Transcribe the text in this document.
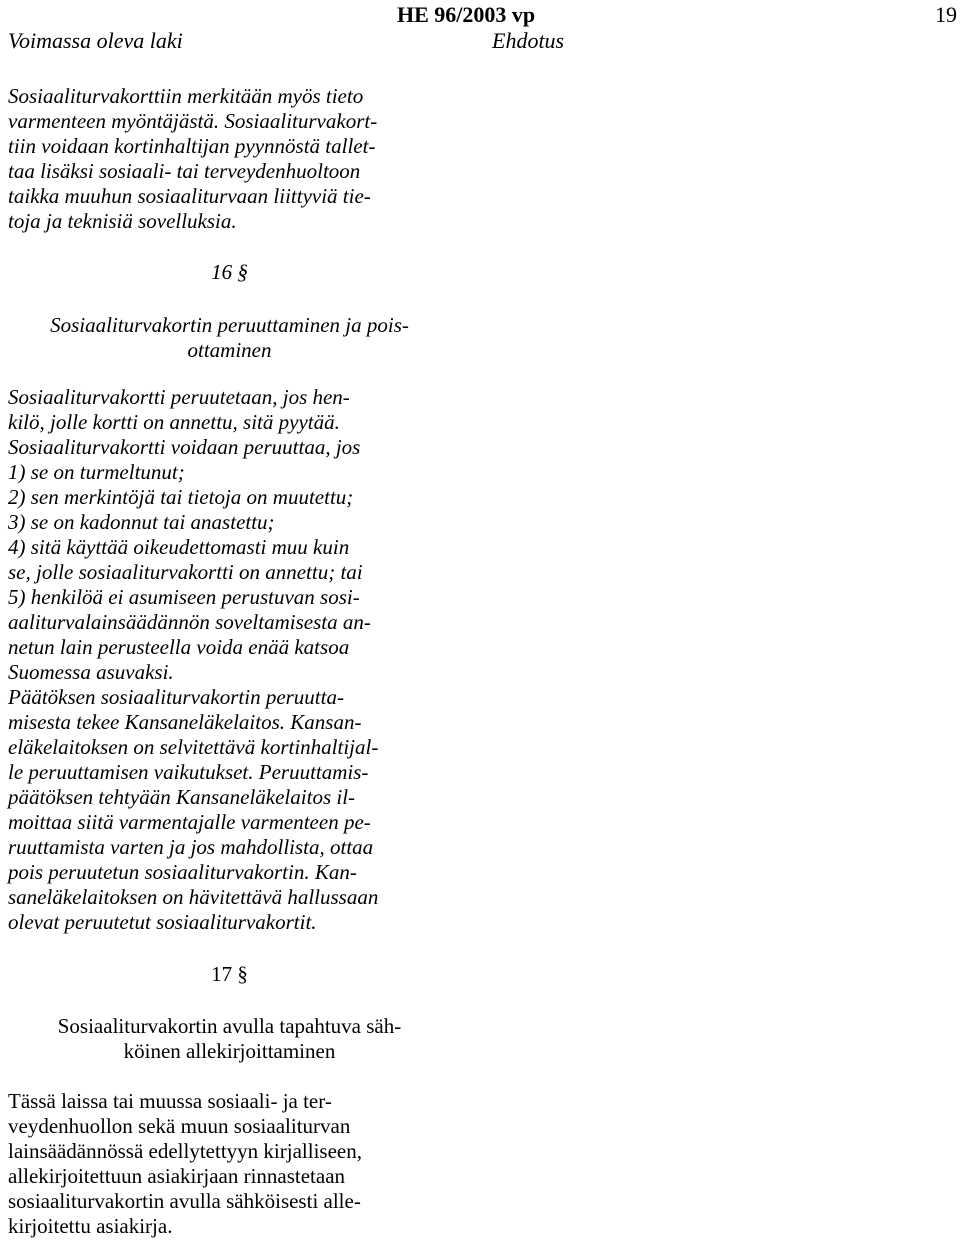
Voimassa oleva laki
HE 96/2003 vp
Ehdotus
19

Sosiaaliturvakorttiin merkitään myös tieto

varmenteen myöntäjästä. Sosiaaliturvakort-

tiin voidaan kortinhaltijan pyynnöstä tallet-

taa lisäksi sosiaali- tai terveydenhuoltoon

taikka muuhun sosiaaliturvaan liittyviä tie-

toja ja teknisiä sovelluksia.

16 §
Sosiaaliturvakortin peruuttaminen ja pois-
ottaminen

Sosiaaliturvakortti peruutetaan, jos hen-

kilö, jolle kortti on annettu, sitä pyytää.

Sosiaaliturvakortti voidaan peruuttaa, jos

1) se on turmeltunut;

2) sen merkintöjä tai tietoja on muutettu;

3) se on kadonnut tai anastettu;

4) sitä käyttää oikeudettomasti muu kuin

se, jolle sosiaaliturvakortti on annettu; tai

5) henkilöä ei asumiseen perustuvan sosi-

aaliturvalainsäädännön soveltamisesta an-

netun lain perusteella voida enää katsoa

Suomessa asuvaksi.

Päätöksen sosiaaliturvakortin peruutta-

misesta tekee Kansaneläkelaitos. Kansan-

eläkelaitoksen on selvitettävä kortinhaltijal-

le peruuttamisen vaikutukset. Peruuttamis-

päätöksen tehtyään Kansaneläkelaitos il-

moittaa siitä varmentajalle varmenteen pe-

ruuttamista varten ja jos mahdollista, ottaa

pois peruutetun sosiaaliturvakortin. Kan-

saneläkelaitoksen on hävitettävä hallussaan

olevat peruutetut sosiaaliturvakortit.

17 §
Sosiaaliturvakortin avulla tapahtuva säh-
köinen allekirjoittaminen

Tässä laissa tai muussa sosiaali- ja ter-

veydenhuollon sekä muun sosiaaliturvan

lainsäädännössä edellytettyyn kirjalliseen,

allekirjoitettuun asiakirjaan rinnastetaan

sosiaaliturvakortin avulla sähköisesti alle-

kirjoitettu asiakirja.
